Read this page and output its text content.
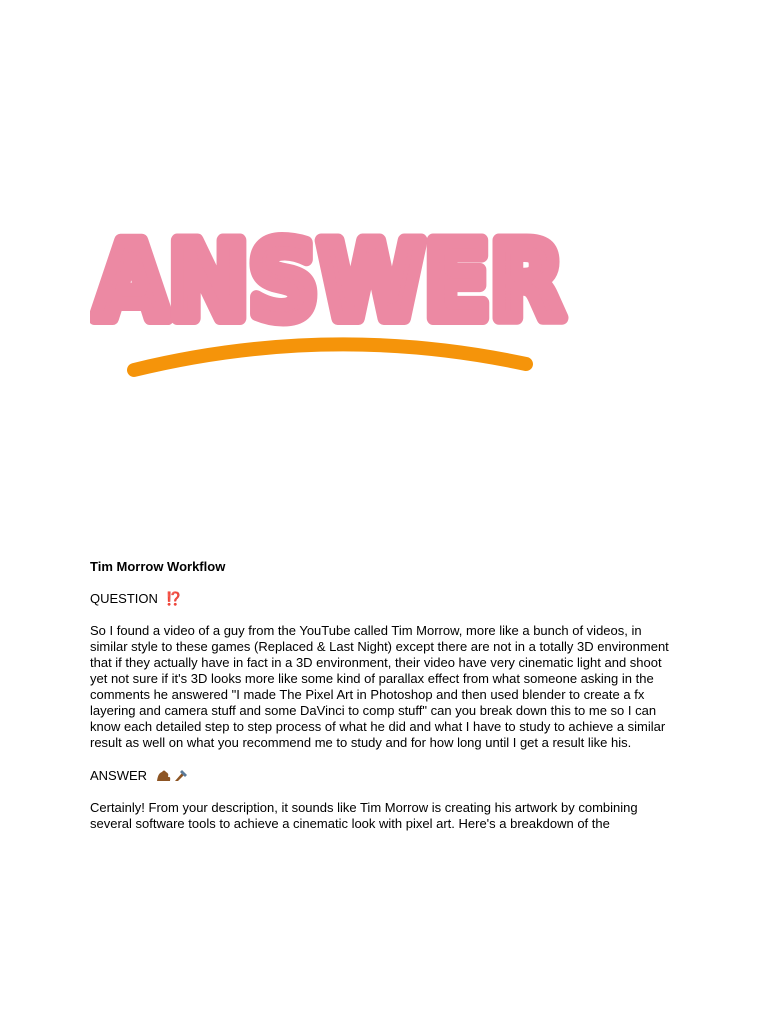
ANSWER
Tim Morrow Workflow
QUESTION ⁉️
So I found a video of a guy from the YouTube called Tim Morrow, more like a bunch of videos, in similar style to these games (Replaced & Last Night) except there are not in a totally 3D environment that if they actually have in fact in a 3D environment, their video have very cinematic light and shoot yet not sure if it's 3D looks more like some kind of parallax effect from what someone asking in the comments he answered "I made The Pixel Art in Photoshop and then used blender to create a fx layering and camera stuff and some DaVinci to comp stuff" can you break down this to me so I can know each detailed step to step process of what he did and what I have to study to achieve a similar result as well on what you recommend me to study and for how long until I get a result like his.
ANSWER
Certainly! From your description, it sounds like Tim Morrow is creating his artwork by combining several software tools to achieve a cinematic look with pixel art. Here's a breakdown of the
